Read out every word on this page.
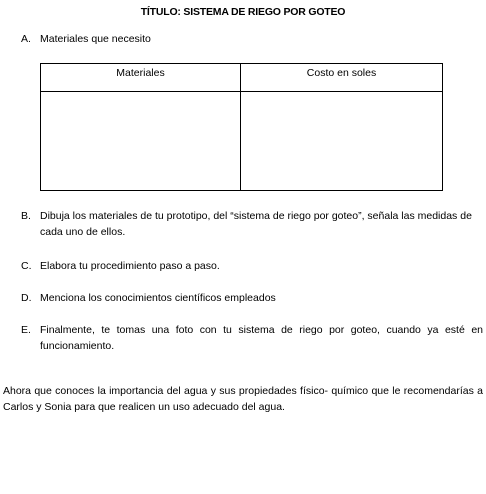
TÍTULO: SISTEMA DE RIEGO POR GOTEO
A. Materiales que necesito
Materiales	Costo en soles

B. Dibuja los materiales de tu prototipo, del “sistema de riego por goteo”, señala las medidas de cada uno de ellos.
C. Elabora tu procedimiento paso a paso.
D. Menciona los conocimientos científicos empleados
E. Finalmente, te tomas una foto con tu sistema de riego por goteo, cuando ya esté en funcionamiento.
Ahora que conoces la importancia del agua y sus propiedades físico- químico que le recomendarías a Carlos y Sonia para que realicen un uso adecuado del agua.
